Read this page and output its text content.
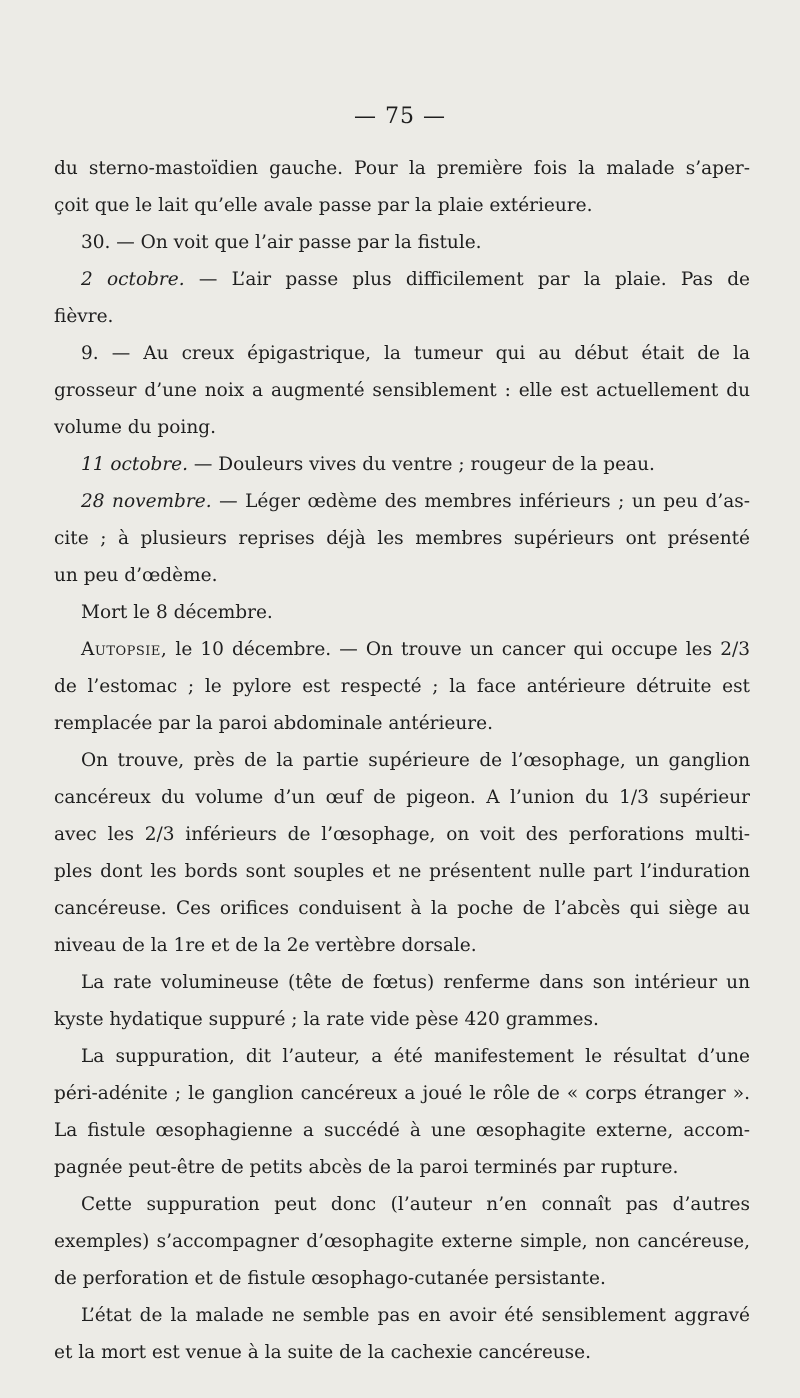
— 75 —
du sterno-mastoïdien gauche. Pour la première fois la malade s’aper-
çoit que le lait qu’elle avale passe par la plaie extérieure.
30. — On voit que l’air passe par la fistule.
2 octobre. — L’air passe plus difficilement par la plaie. Pas de
fièvre.
9. — Au creux épigastrique, la tumeur qui au début était de la
grosseur d’une noix a augmenté sensiblement : elle est actuellement du
volume du poing.
11 octobre. — Douleurs vives du ventre ; rougeur de la peau.
28 novembre. — Léger œdème des membres inférieurs ; un peu d’as-
cite ; à plusieurs reprises déjà les membres supérieurs ont présenté
un peu d’œdème.
Mort le 8 décembre.
Autopsie, le 10 décembre. — On trouve un cancer qui occupe les 2/3
de l’estomac ; le pylore est respecté ; la face antérieure détruite est
remplacée par la paroi abdominale antérieure.
On trouve, près de la partie supérieure de l’œsophage, un ganglion
cancéreux du volume d’un œuf de pigeon. A l’union du 1/3 supérieur
avec les 2/3 inférieurs de l’œsophage, on voit des perforations multi-
ples dont les bords sont souples et ne présentent nulle part l’induration
cancéreuse. Ces orifices conduisent à la poche de l’abcès qui siège au
niveau de la 1re et de la 2e vertèbre dorsale.
La rate volumineuse (tête de fœtus) renferme dans son intérieur un
kyste hydatique suppuré ; la rate vide pèse 420 grammes.
La suppuration, dit l’auteur, a été manifestement le résultat d’une
péri-adénite ; le ganglion cancéreux a joué le rôle de « corps étranger ».
La fistule œsophagienne a succédé à une œsophagite externe, accom-
pagnée peut-être de petits abcès de la paroi terminés par rupture.
Cette suppuration peut donc (l’auteur n’en connaît pas d’autres
exemples) s’accompagner d’œsophagite externe simple, non cancéreuse,
de perforation et de fistule œsophago-cutanée persistante.
L’état de la malade ne semble pas en avoir été sensiblement aggravé
et la mort est venue à la suite de la cachexie cancéreuse.
